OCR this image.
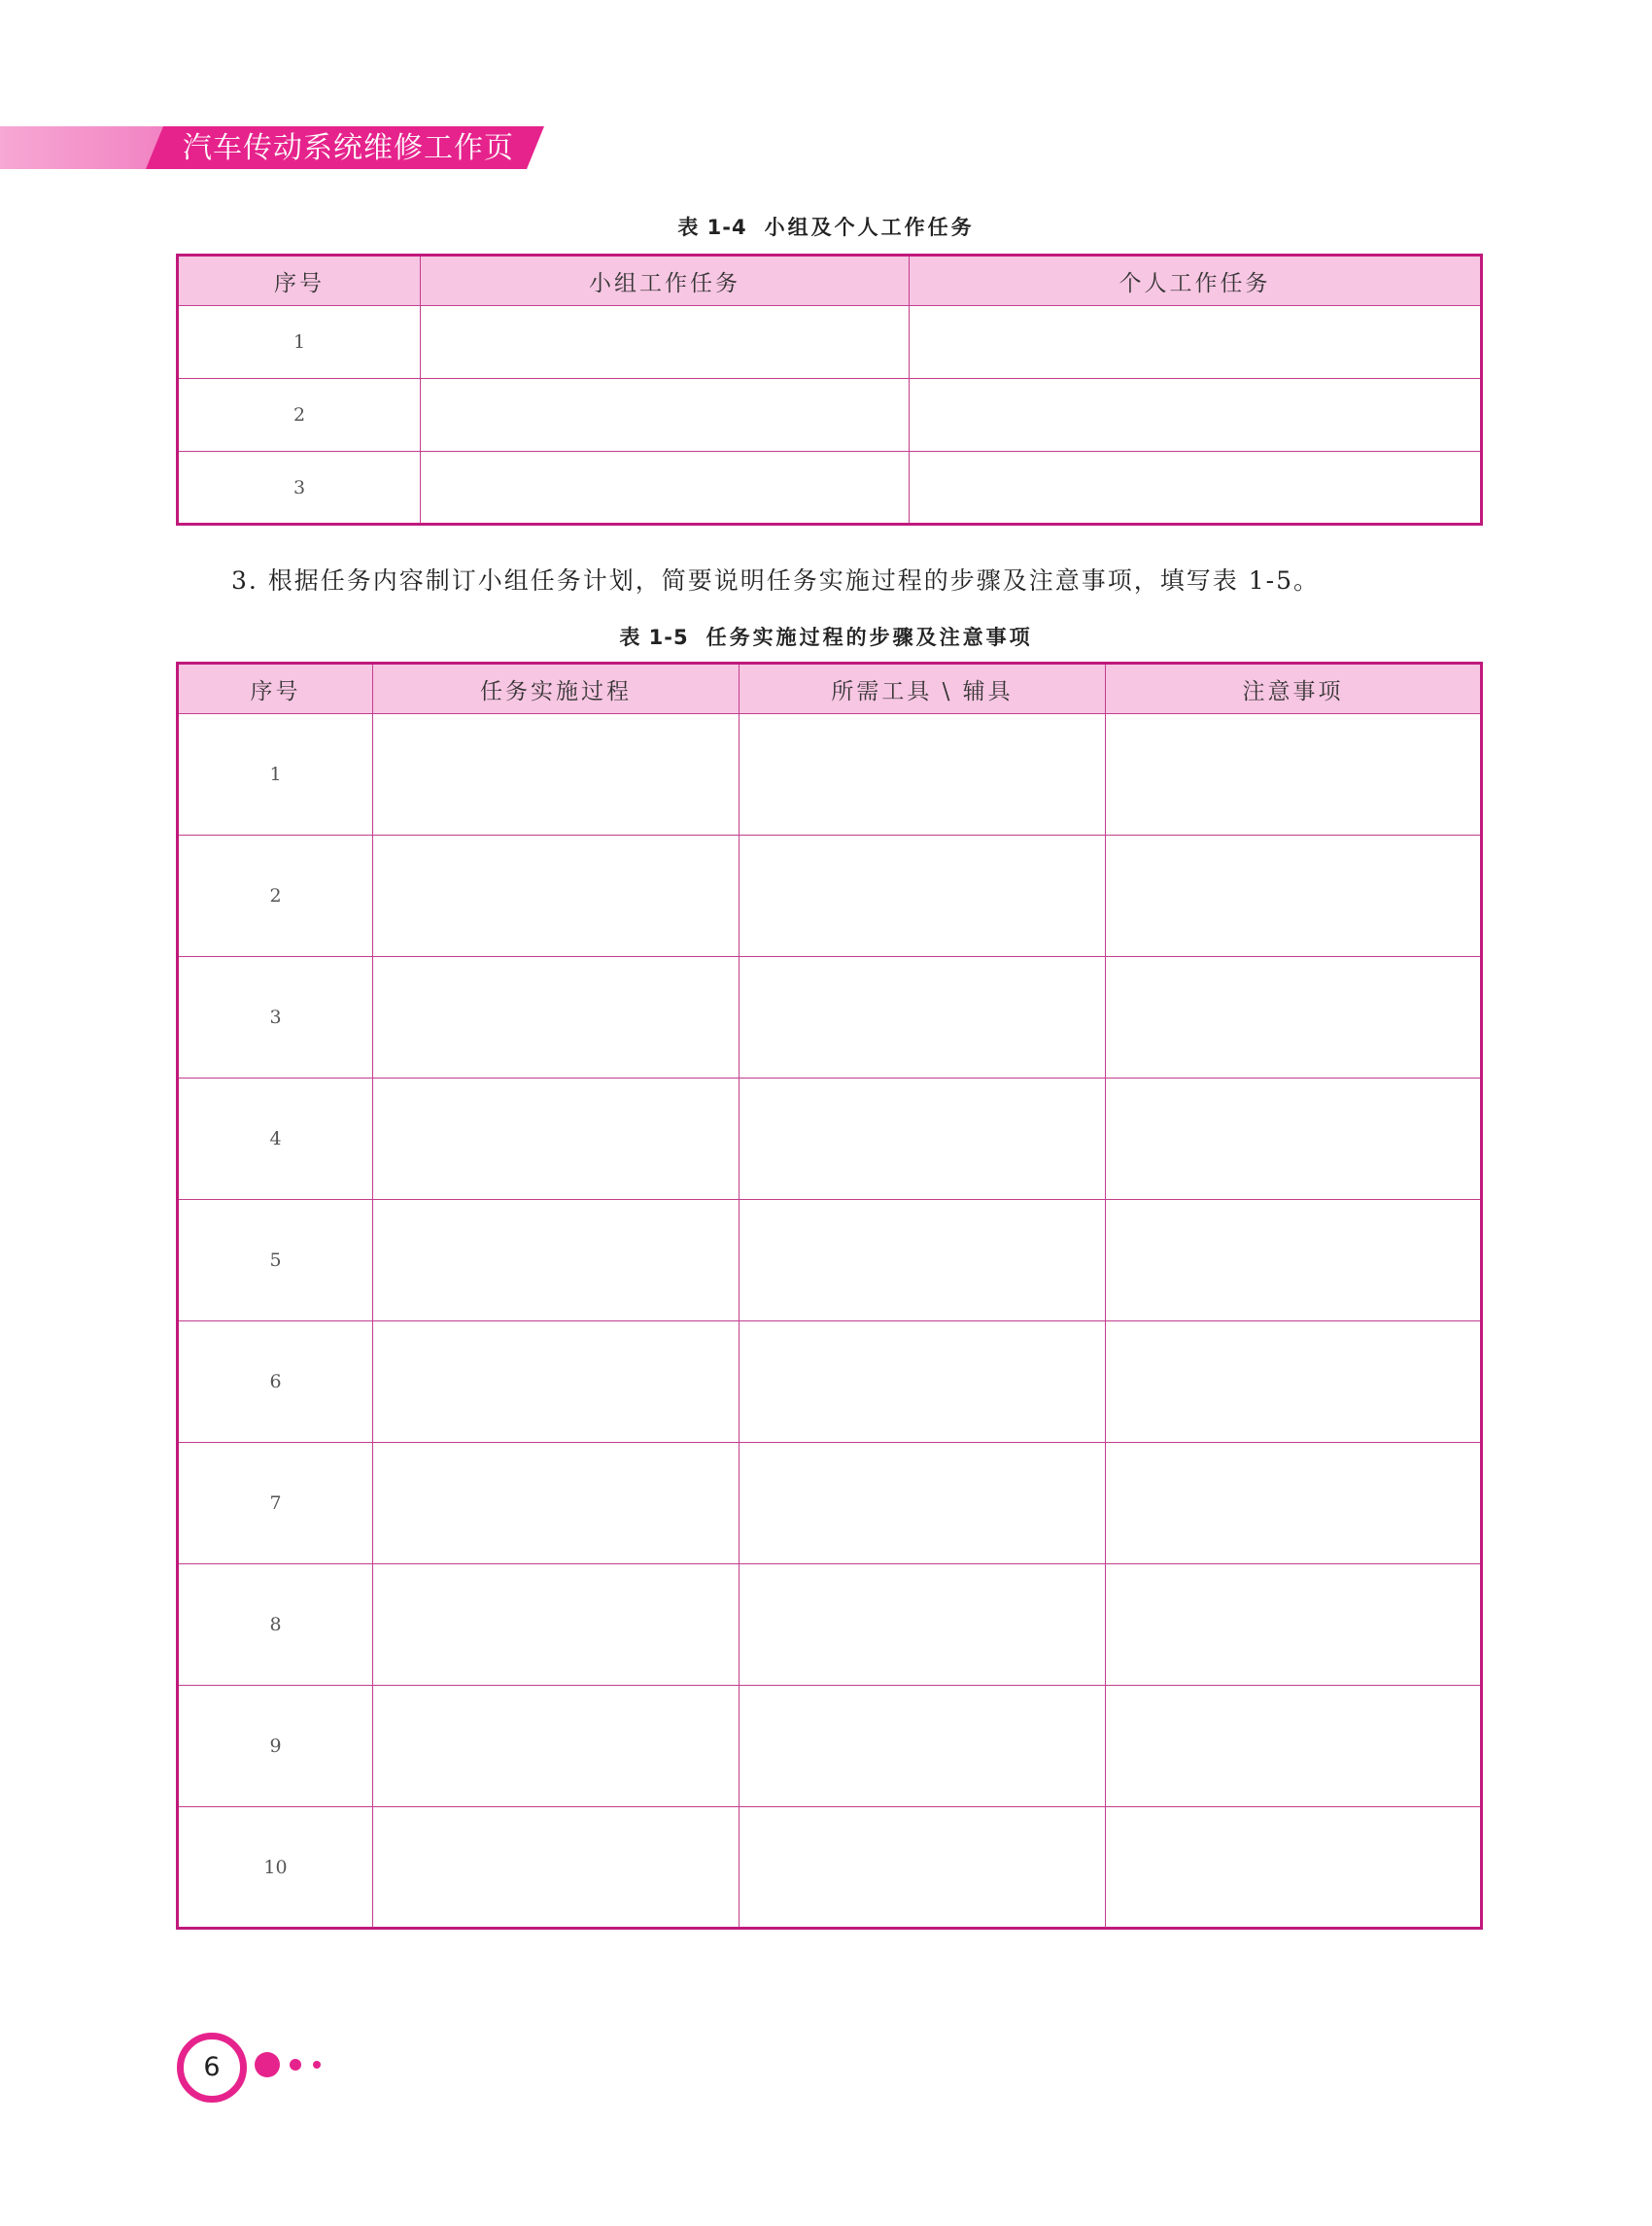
汽车传动系统维修工作页
表 1-4 小组及个人工作任务
序号	小组工作任务	个人工作任务
1		
2		
3		
3. 根据任务内容制订小组任务计划，简要说明任务实施过程的步骤及注意事项，填写表 1-5。
表 1-5 任务实施过程的步骤及注意事项
序号	任务实施过程	所需工具 \ 辅具	注意事项
1			
2			
3			
4			
5			
6			
7			
8			
9			
10			
6
